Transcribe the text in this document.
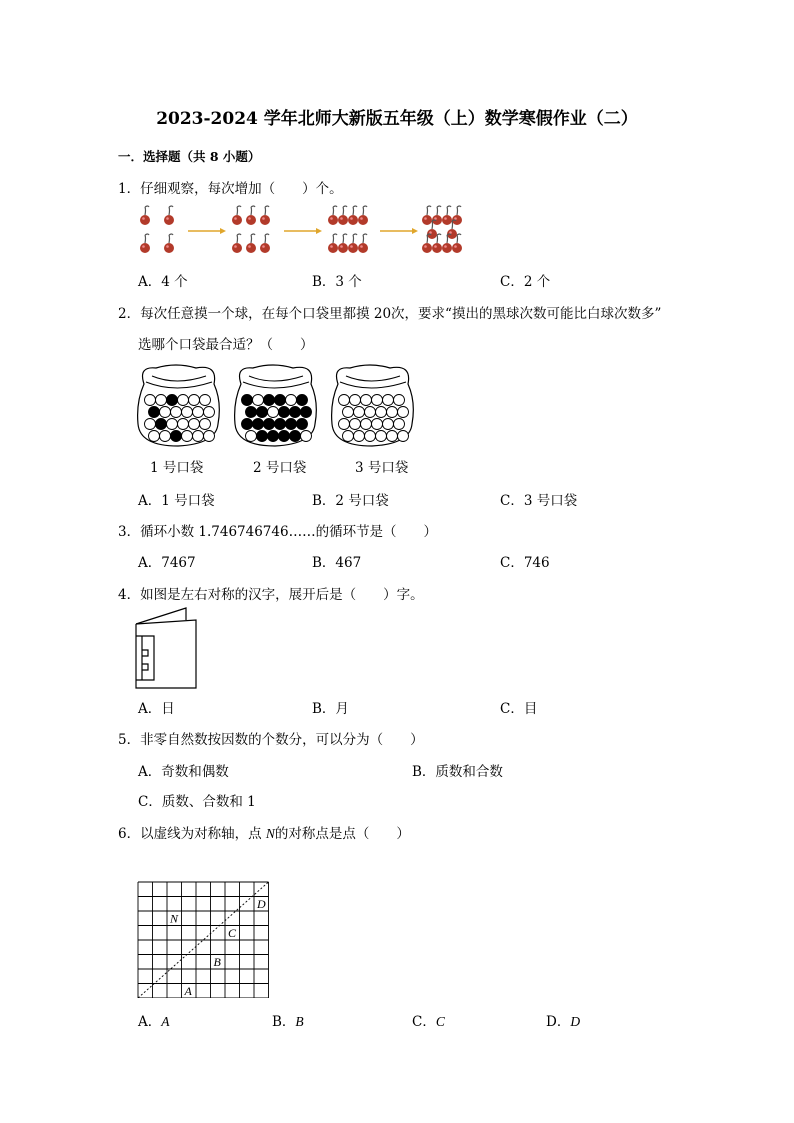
2023-2024 学年北师大新版五年级（上）数学寒假作业（二）
一．选择题（共 8 小题）
1．仔细观察，每次增加（　　）个。
A．4 个	B．3 个	C．2 个
2．每次任意摸一个球，在每个口袋里都摸 20次，要求“摸出的黑球次数可能比白球次数多”
选哪个口袋最合适？（　　）
1 号口袋	2 号口袋	3 号口袋
A．1 号口袋	B．2 号口袋	C．3 号口袋
3．循环小数 1.746746746……的循环节是（　　）
A．7467	B．467	C．746
4．如图是左右对称的汉字，展开后是（　　）字。
A．日	B．月	C．目
5．非零自然数按因数的个数分，可以分为（　　）
A．奇数和偶数	B．质数和合数
C．质数、合数和 1
6．以虚线为对称轴，点 N的对称点是点（　　）
N
D
C
B
A
A．A	B．B	C．C	D．D
